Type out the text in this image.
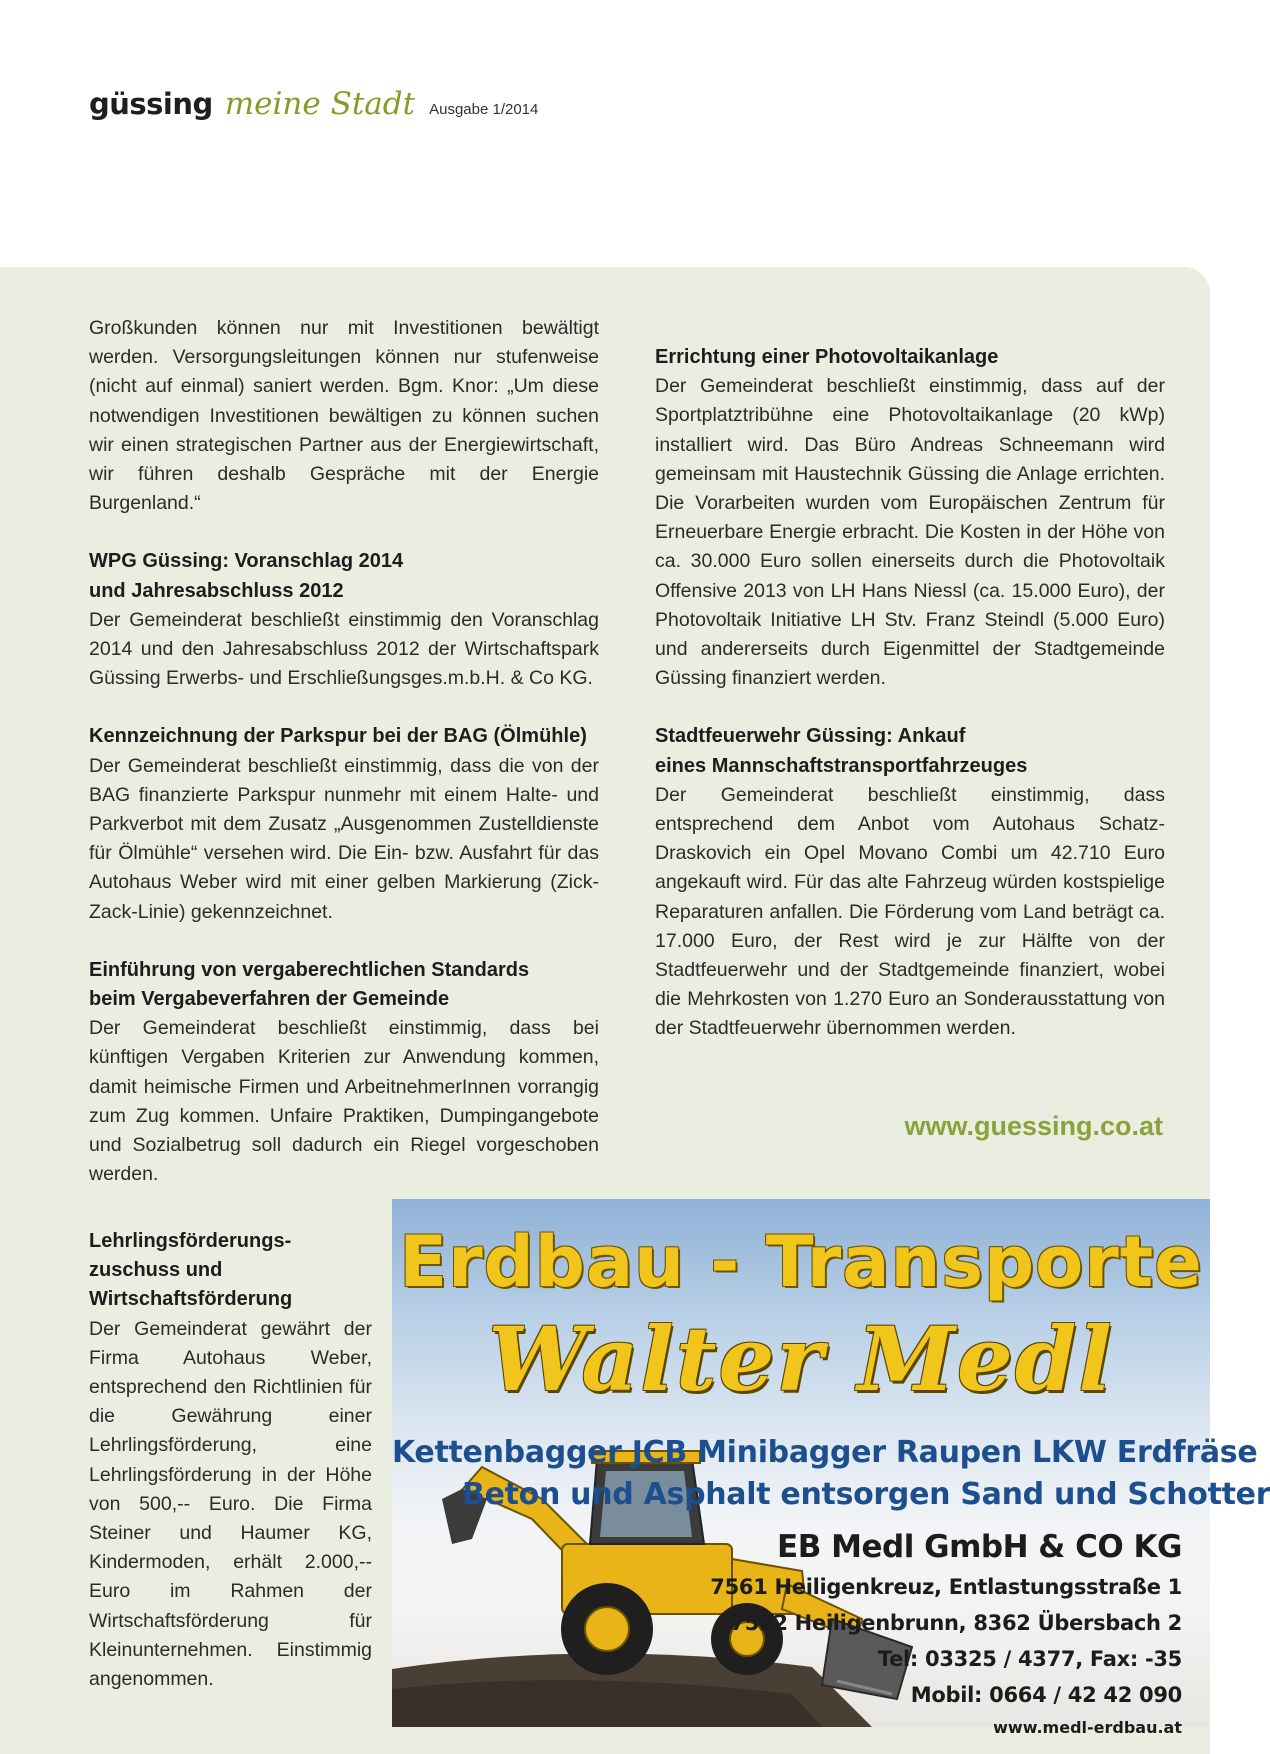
güssing meine Stadt Ausgabe 1/2014

Großkunden können nur mit Investitionen bewältigt werden. Versorgungsleitungen können nur stufenweise (nicht auf einmal) saniert werden. Bgm. Knor: „Um diese notwendigen Investitionen bewältigen zu können suchen wir einen strategischen Partner aus der Energiewirtschaft, wir führen deshalb Gespräche mit der Energie Burgenland.“

WPG Güssing: Voranschlag 2014
und Jahresabschluss 2012

Der Gemeinderat beschließt einstimmig den Voranschlag 2014 und den Jahresabschluss 2012 der Wirtschaftspark Güssing Erwerbs- und Erschließungsges.m.b.H. & Co KG.

Kennzeichnung der Parkspur bei der BAG (Ölmühle)

Der Gemeinderat beschließt einstimmig, dass die von der BAG finanzierte Parkspur nunmehr mit einem Halte- und Parkverbot mit dem Zusatz „Ausgenommen Zustelldienste für Ölmühle“ versehen wird. Die Ein- bzw. Ausfahrt für das Autohaus Weber wird mit einer gelben Markierung (Zick-Zack-Linie) gekennzeichnet.

Einführung von vergaberechtlichen Standards
beim Vergabeverfahren der Gemeinde

Der Gemeinderat beschließt einstimmig, dass bei künftigen Vergaben Kriterien zur Anwendung kommen, damit heimische Firmen und ArbeitnehmerInnen vorrangig zum Zug kommen. Unfaire Praktiken, Dumpingangebote und Sozialbetrug soll dadurch ein Riegel vorgeschoben werden.

Lehrlingsförderungs-
zuschuss und
Wirtschaftsförderung

Der Gemeinderat gewährt der Firma Autohaus Weber, entsprechend den Richtlinien für die Gewährung einer Lehrlingsförderung, eine Lehrlingsförderung in der Höhe von 500,-- Euro. Die Firma Steiner und Haumer KG, Kindermoden, erhält 2.000,-- Euro im Rahmen der Wirtschaftsförderung für Kleinunternehmen. Einstimmig angenommen.

Errichtung einer Photovoltaikanlage

Der Gemeinderat beschließt einstimmig, dass auf der Sportplatztribühne eine Photovoltaikanlage (20 kWp) installiert wird. Das Büro Andreas Schneemann wird gemeinsam mit Haustechnik Güssing die Anlage errichten. Die Vorarbeiten wurden vom Europäischen Zentrum für Erneuerbare Energie erbracht. Die Kosten in der Höhe von ca. 30.000 Euro sollen einerseits durch die Photovoltaik Offensive 2013 von LH Hans Niessl (ca. 15.000 Euro), der Photovoltaik Initiative LH Stv. Franz Steindl (5.000 Euro) und andererseits durch Eigenmittel der Stadtgemeinde Güssing finanziert werden.

Stadtfeuerwehr Güssing: Ankauf
eines Mannschaftstransportfahrzeuges

Der Gemeinderat beschließt einstimmig, dass entsprechend dem Anbot vom Autohaus Schatz-Draskovich ein Opel Movano Combi um 42.710 Euro angekauft wird. Für das alte Fahrzeug würden kostspielige Reparaturen anfallen. Die Förderung vom Land beträgt ca. 17.000 Euro, der Rest wird je zur Hälfte von der Stadtfeuerwehr und der Stadtgemeinde finanziert, wobei die Mehrkosten von 1.270 Euro an Sonderausstattung von der Stadtfeuerwehr übernommen werden.

www.guessing.co.at
Erdbau - Transporte
Walter Medl
Kettenbagger JCB Minibagger Raupen LKW Erdfräse
Beton und Asphalt entsorgen Sand und Schotter
EB Medl GmbH & CO KG
7561 Heiligenkreuz, Entlastungsstraße 1
7522 Heiligenbrunn, 8362 Übersbach 2
Tel: 03325 / 4377, Fax: -35
Mobil: 0664 / 42 42 090
www.medl-erdbau.at
